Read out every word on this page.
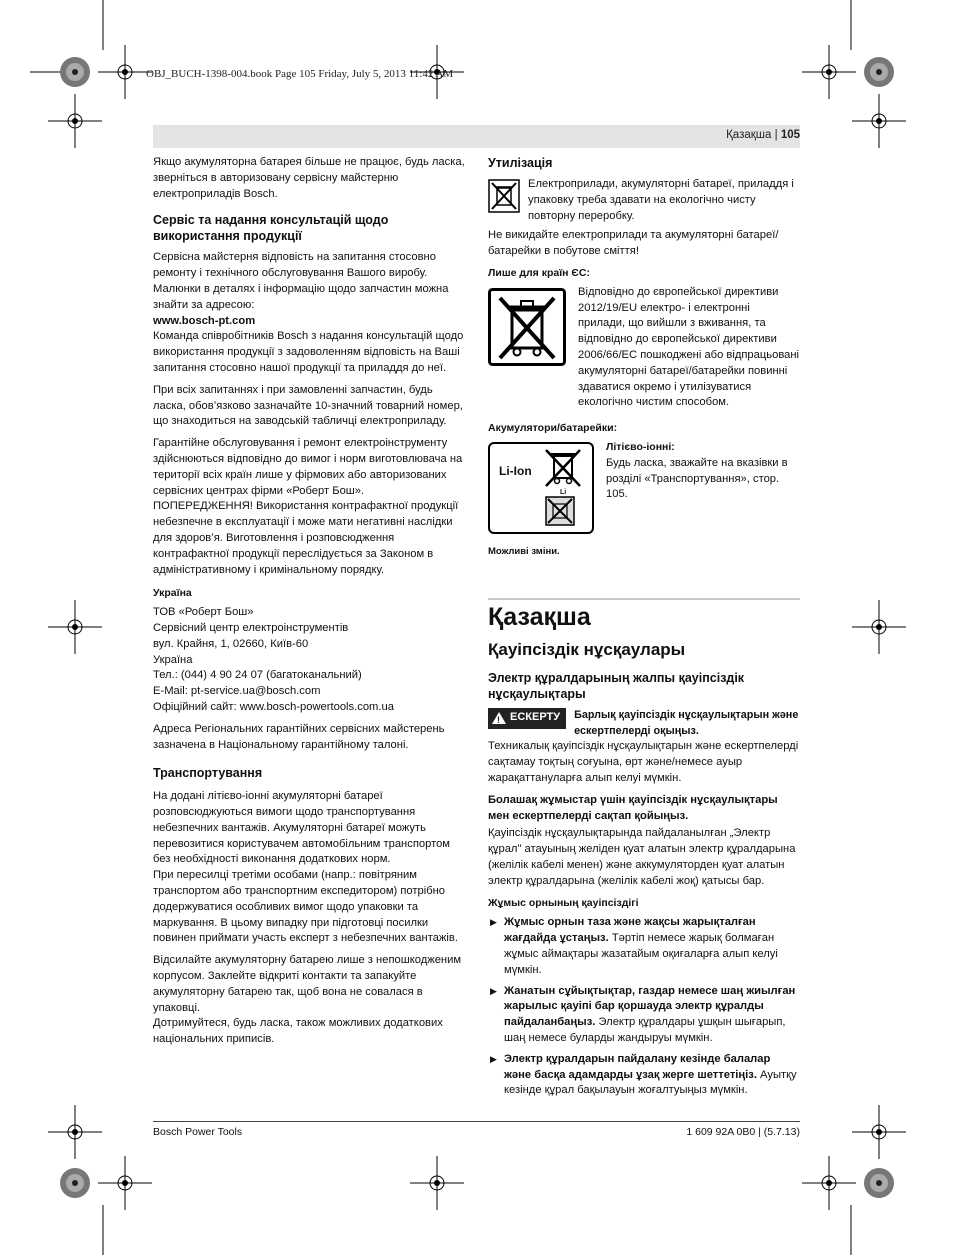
OBJ_BUCH-1398-004.book Page 105 Friday, July 5, 2013 11:42 AM
Қазақша | 105

Якщо акумуляторна батарея більше не працює, будь ласка, зверніться в авторизовану сервісну майстерню електроприладів Bosch.

Сервіс та надання консультацій щодо використання продукції

Сервісна майстерня відповість на запитання стосовно ремонту і технічного обслуговування Вашого виробу. Малюнки в деталях і інформацію щодо запчастин можна знайти за адресою:

www.bosch-pt.com

Команда співробітників Bosch з надання консультацій щодо використання продукції з задоволенням відповість на Ваші запитання стосовно нашої продукції та приладдя до неї.

При всіх запитаннях і при замовленні запчастин, будь ласка, обов’язково зазначайте 10-значний товарний номер, що знаходиться на заводській табличці електроприладу.

Гарантійне обслуговування і ремонт електроінструменту здійснюються відповідно до вимог і норм виготовлювача на території всіх країн лише у фірмових або авторизованих сервісних центрах фірми «Роберт Бош». ПОПЕРЕДЖЕННЯ! Використання контрафактної продукції небезпечне в експлуатації і може мати негативні наслідки для здоров’я. Виготовлення і розповсюдження контрафактної продукції переслідується за Законом в адміністративному і кримінальному порядку.

Україна
ТОВ «Роберт Бош»
Сервісний центр електроінструментів
вул. Крайня, 1, 02660, Київ-60
Україна
Тел.: (044) 4 90 24 07 (багатоканальний)
E-Mail: pt-service.ua@bosch.com
Офіційний сайт: www.bosch-powertools.com.ua

Адреса Регіональних гарантійних сервісних майстерень зазначена в Національному гарантійному талоні.

Транспортування

На додані літієво-іонні акумуляторні батареї розповсюджуються вимоги щодо транспортування небезпечних вантажів. Акумуляторні батареї можуть перевозитися користувачем автомобільним транспортом без необхідності виконання додаткових норм.

При пересилці третіми особами (напр.: повітряним транспортом або транспортним експедитором) потрібно додержуватися особливих вимог щодо упаковки та маркування. В цьому випадку при підготовці посилки повинен приймати участь експерт з небезпечних вантажів.

Відсилайте акумуляторну батарею лише з непошкодженим корпусом. Заклейте відкриті контакти та запакуйте акумуляторну батарею так, щоб вона не совалася в упаковці.

Дотримуйтеся, будь ласка, також можливих додаткових національних приписів.

Утилізація

Електроприлади, акумуляторні батареї, приладдя і упаковку треба здавати на екологічно чисту повторну переробку.

Не викидайте електроприлади та акумуляторні батареї/батарейки в побутове сміття!

Лише для країн ЄС:

Відповідно до європейської директиви 2012/19/EU електро- і електронні прилади, що вийшли з вживання, та відповідно до європейської директиви 2006/66/EC пошкоджені або відпрацьовані акумуляторні батареї/батарейки повинні здаватися окремо і утилізуватися екологічно чистим способом.

Акумулятори/батарейки:
Li-Ion
Li
Літієво-іонні:

Будь ласка, зважайте на вказівки в розділі «Транспортування», стор. 105.

Можливі зміни.
Қазақша
Қауіпсіздік нұсқаулары
Электр құралдарының жалпы қауіпсіздік нұсқаулықтары
! ЕСКЕРТУ Барлық қауіпсіздік нұсқаулықтарын және ескертпелерді оқыңыз.

Техникалық қауіпсіздік нұсқаулықтарын және ескертпелерді сақтамау тоқтың соғуына, өрт және/немесе ауыр жарақаттануларға алып келуі мүмкін.

Болашақ жұмыстар үшін қауіпсіздік нұсқаулықтары мен ескертпелерді сақтап қойыңыз.

Қауіпсіздік нұсқаулықтарында пайдаланылған „Электр құрал" атауының желіден қуат алатын электр құралдарына (желілік кабелі менен) және аккумуляторден қуат алатын электр құралдарына (желілік кабелі жоқ) қатысы бар.

Жұмыс орнының қауіпсіздігі
▶ Жұмыс орнын таза және жақсы жарықталған жағдайда ұстаңыз. Тәртіп немесе жарық болмаған жұмыс аймақтары жазатайым оқиғаларға алып келуі мүмкін.
▶ Жанатын сұйықтықтар, газдар немесе шаң жиылған жарылыс қауіпі бар қоршауда электр құралды пайдаланбаңыз. Электр құралдары ұшқын шығарып, шаң немесе буларды жандыруы мүмкін.
▶ Электр құралдарын пайдалану кезінде балалар және басқа адамдарды ұзақ жерге шеттетіңіз. Ауытқу кезінде құрал бақылауын жоғалтуыңыз мүмкін.
Bosch Power Tools	1 609 92A 0B0 | (5.7.13)
